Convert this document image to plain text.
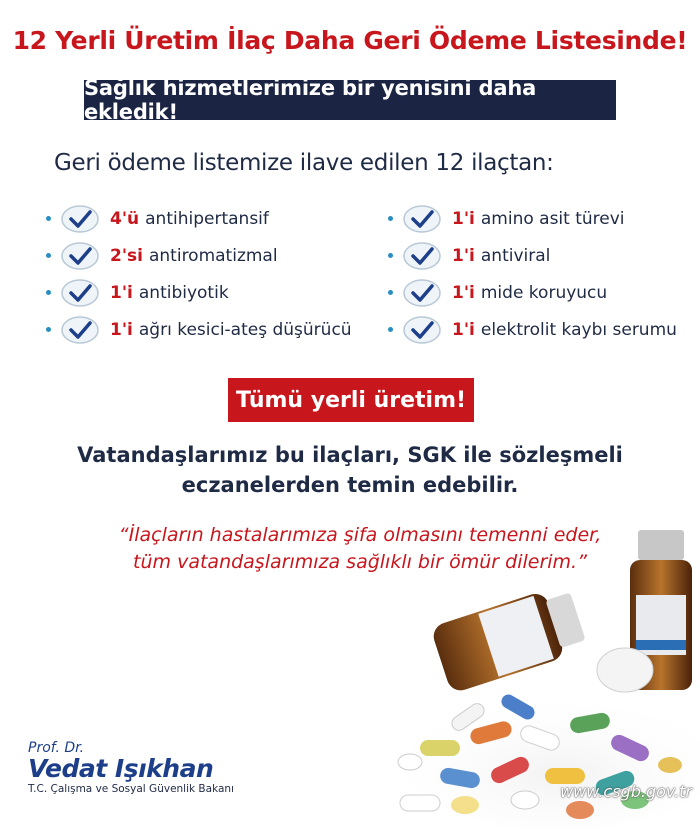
12 Yerli Üretim İlaç Daha Geri Ödeme Listesinde!
Sağlık hizmetlerimize bir yenisini daha ekledik!
Geri ödeme listemize ilave edilen 12 ilaçtan:
4'ü antihipertansif
2'si antiromatizmal
1'i antibiyotik
1'i ağrı kesici-ateş düşürücü
1'i amino asit türevi
1'i antiviral
1'i mide koruyucu
1'i elektrolit kaybı serumu
Tümü yerli üretim!
Vatandaşlarımız bu ilaçları, SGK ile sözleşmeli
eczanelerden temin edebilir.
“İlaçların hastalarımıza şifa olmasını temenni eder,
tüm vatandaşlarımıza sağlıklı bir ömür dilerim.”
Prof. Dr.
Vedat Işıkhan
T.C. Çalışma ve Sosyal Güvenlik Bakanı	www.csgb.gov.tr
